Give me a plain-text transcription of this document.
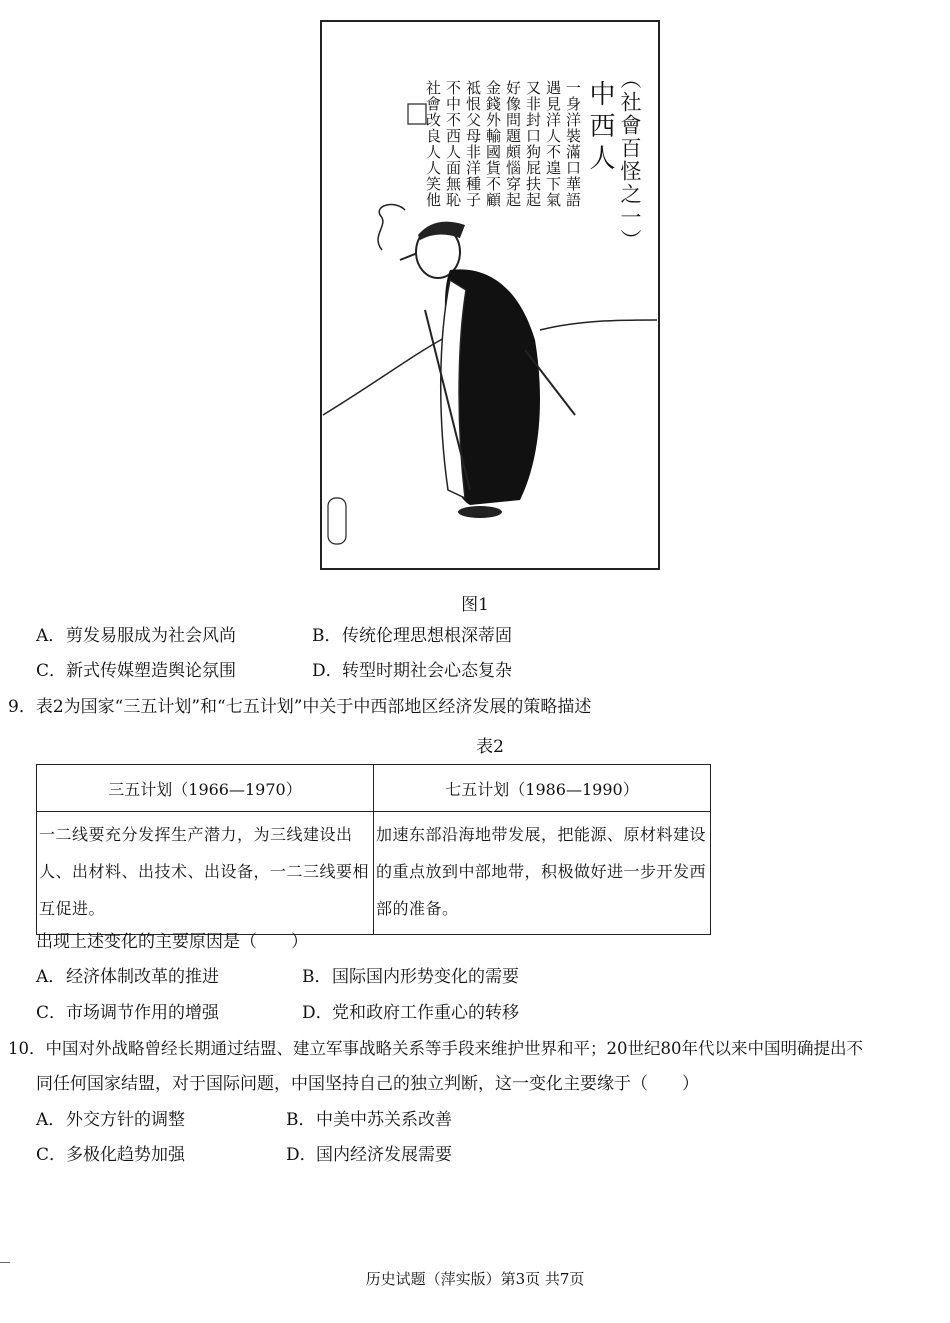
（社會百怪之一）
中西人
一身洋裝滿口華語
遇見洋人不遑下氣
又非封口狗屁扶起
好像問題頗惱穿起
金錢外輸國貨不顧
祗恨父母非洋種子
不中不西人面無恥
社會改良人人笑他
图1
A．剪发易服成为社会风尚	B．传统伦理思想根深蒂固
C．新式传媒塑造舆论氛围	D．转型时期社会心态复杂
9．表2为国家“三五计划”和“七五计划”中关于中西部地区经济发展的策略描述
表2
三五计划（1966—1970）	七五计划（1986—1990）
一二线要充分发挥生产潜力，为三线建设出人、出材料、出技术、出设备，一二三线要相互促进。	加速东部沿海地带发展，把能源、原材料建设的重点放到中部地带，积极做好进一步开发西部的准备。
出现上述变化的主要原因是（　　）
A．经济体制改革的推进	B．国际国内形势变化的需要
C．市场调节作用的增强	D．党和政府工作重心的转移
10．中国对外战略曾经长期通过结盟、建立军事战略关系等手段来维护世界和平；20世纪80年代以来中国明确提出不
同任何国家结盟，对于国际问题，中国坚持自己的独立判断，这一变化主要缘于（　　）
A．外交方针的调整	B．中美中苏关系改善
C．多极化趋势加强	D．国内经济发展需要
历史试题（萍实版）第3页 共7页
